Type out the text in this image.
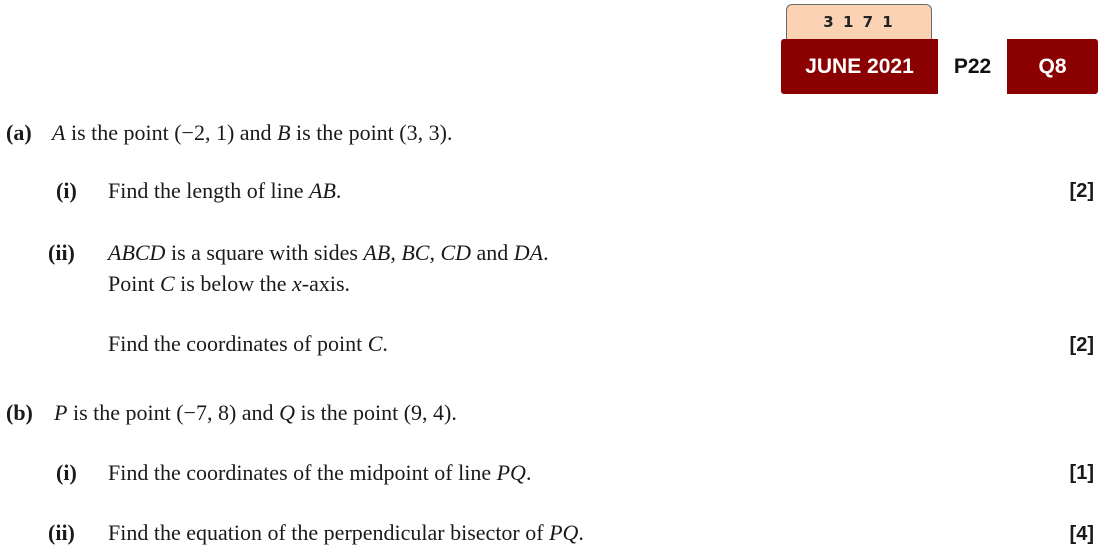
3 1 7 1
JUNE 2021	P22	Q8
(a) A is the point (−2, 1) and B is the point (3, 3).
(i) Find the length of line AB.	[2]
(ii) ABCD is a square with sides AB, BC, CD and DA.
Point C is below the x-axis.
Find the coordinates of point C.	[2]
(b) P is the point (−7, 8) and Q is the point (9, 4).
(i) Find the coordinates of the midpoint of line PQ.	[1]
(ii) Find the equation of the perpendicular bisector of PQ.	[4]
